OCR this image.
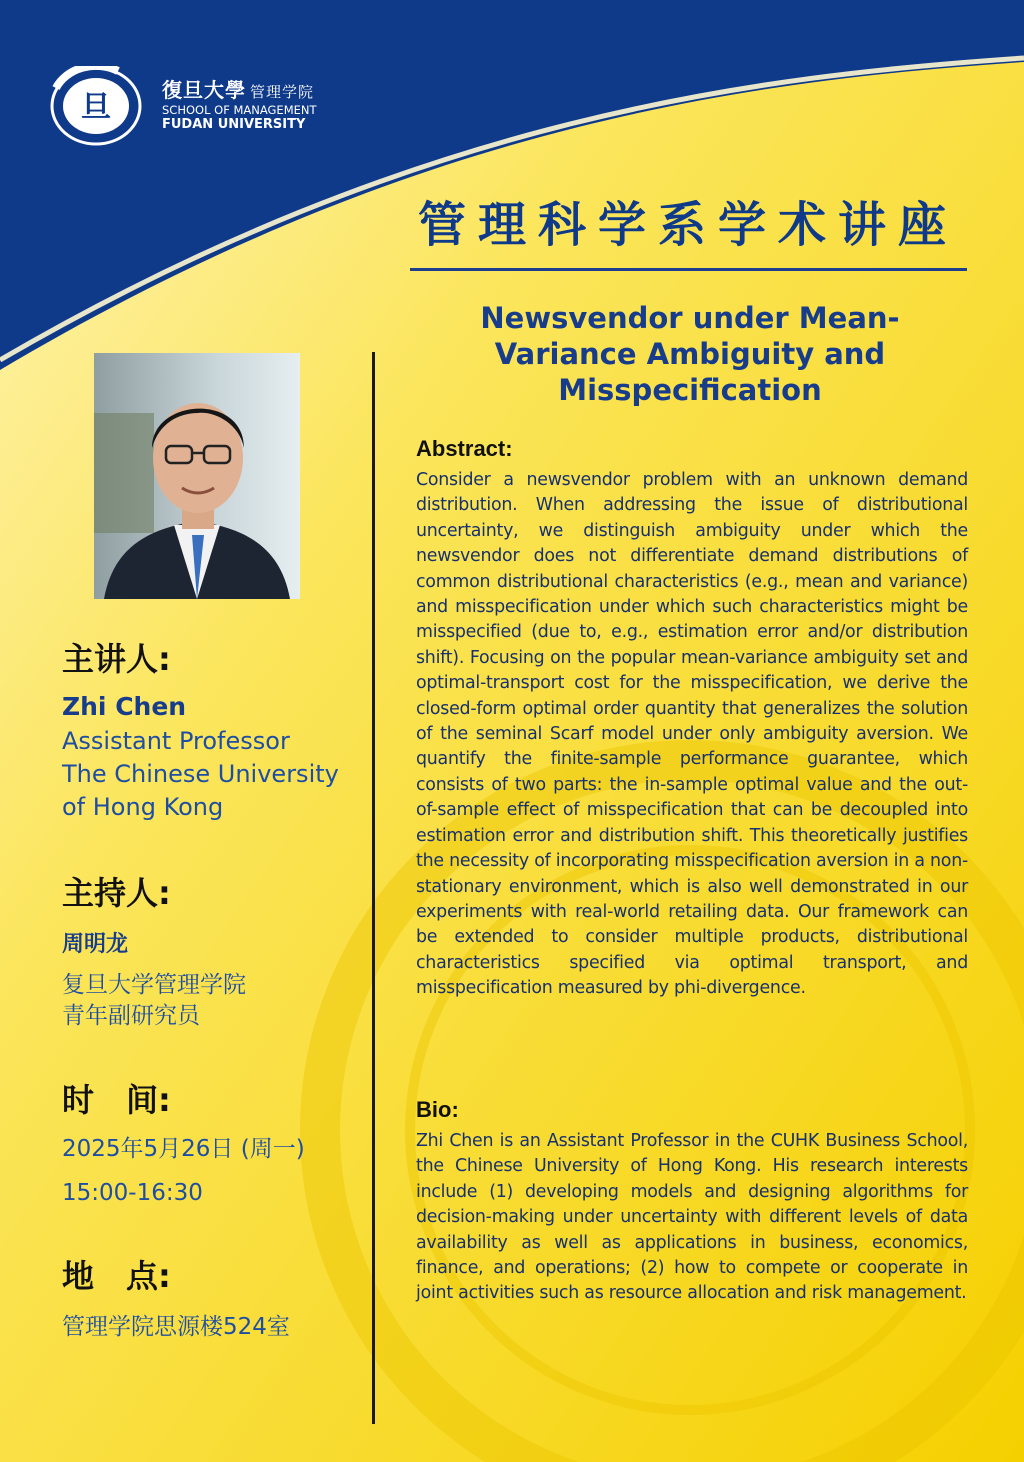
旦	復旦大學 管理学院
SCHOOL OF MANAGEMENT
FUDAN UNIVERSITY
管理科学系学术讲座
Newsvendor under Mean-Variance Ambiguity and Misspecification
主讲人:
Zhi Chen
Assistant Professor
The Chinese University of Hong Kong
主持人:
周明龙
复旦大学管理学院
青年副研究员
时　间:
2025年5月26日 (周一)
15:00-16:30
地　点:
管理学院思源楼524室
Abstract:
Consider a newsvendor problem with an unknown demand distribution. When addressing the issue of distributional uncertainty, we distinguish ambiguity under which the newsvendor does not differentiate demand distributions of common distributional characteristics (e.g., mean and variance) and misspecification under which such characteristics might be misspecified (due to, e.g., estimation error and/or distribution shift). Focusing on the popular mean-variance ambiguity set and optimal-transport cost for the misspecification, we derive the closed-form optimal order quantity that generalizes the solution of the seminal Scarf model under only ambiguity aversion. We quantify the finite-sample performance guarantee, which consists of two parts: the in-sample optimal value and the out-of-sample effect of misspecification that can be decoupled into estimation error and distribution shift. This theoretically justifies the necessity of incorporating misspecification aversion in a non-stationary environment, which is also well demonstrated in our experiments with real-world retailing data. Our framework can be extended to consider multiple products, distributional characteristics specified via optimal transport, and misspecification measured by phi-divergence.
Bio:
Zhi Chen is an Assistant Professor in the CUHK Business School, the Chinese University of Hong Kong. His research interests include (1) developing models and designing algorithms for decision-making under uncertainty with different levels of data availability as well as applications in business, economics, finance, and operations; (2) how to compete or cooperate in joint activities such as resource allocation and risk management.
